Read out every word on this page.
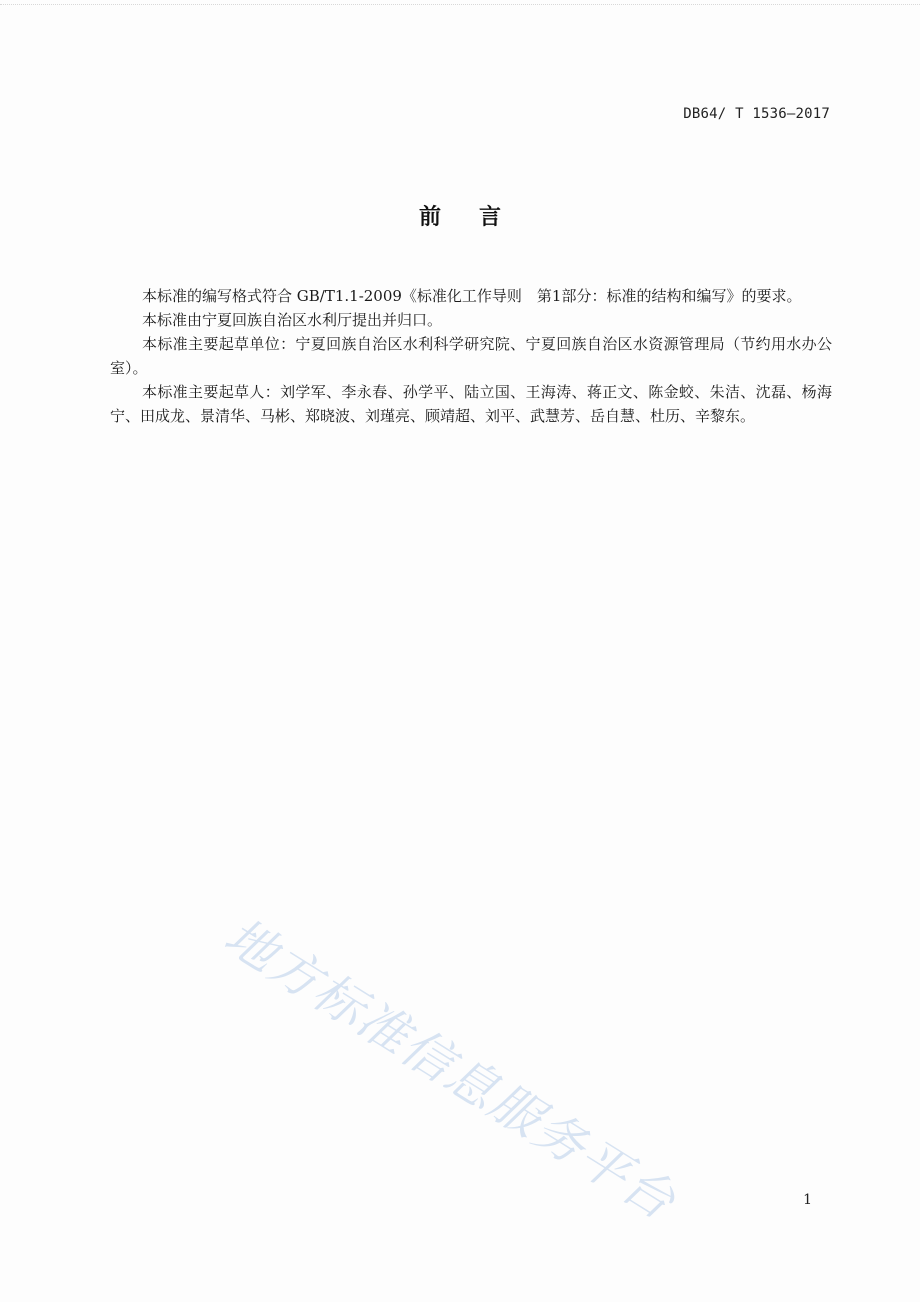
DB64/ T 1536—2017
前言

本标准的编写格式符合 GB/T1.1-2009《标准化工作导则　第1部分：标准的结构和编写》的要求。

本标准由宁夏回族自治区水利厅提出并归口。

本标准主要起草单位：宁夏回族自治区水利科学研究院、宁夏回族自治区水资源管理局（节约用水办公室）。

本标准主要起草人：刘学军、李永春、孙学平、陆立国、王海涛、蒋正文、陈金蛟、朱洁、沈磊、杨海宁、田成龙、景清华、马彬、郑晓波、刘瑾亮、顾靖超、刘平、武慧芳、岳自慧、杜历、辛黎东。

地方标准信息服务平台	1
